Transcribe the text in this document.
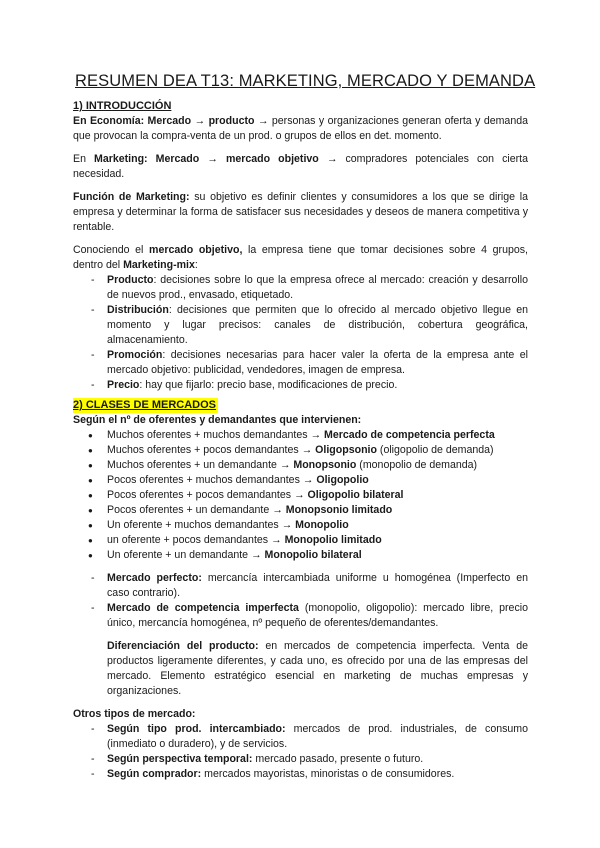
RESUMEN DEA T13: MARKETING, MERCADO Y DEMANDA
1) INTRODUCCIÓN

En Economía: Mercado → producto → personas y organizaciones generan oferta y demanda que provocan la compra-venta de un prod. o grupos de ellos en det. momento.

En Marketing: Mercado → mercado objetivo → compradores potenciales con cierta necesidad.

Función de Marketing: su objetivo es definir clientes y consumidores a los que se dirige la empresa y determinar la forma de satisfacer sus necesidades y deseos de manera competitiva y rentable.

Conociendo el mercado objetivo, la empresa tiene que tomar decisiones sobre 4 grupos, dentro del Marketing-mix:

- Producto: decisiones sobre lo que la empresa ofrece al mercado: creación y desarrollo de nuevos prod., envasado, etiquetado.
- Distribución: decisiones que permiten que lo ofrecido al mercado objetivo llegue en momento y lugar precisos: canales de distribución, cobertura geográfica, almacenamiento.
- Promoción: decisiones necesarias para hacer valer la oferta de la empresa ante el mercado objetivo: publicidad, vendedores, imagen de empresa.
- Precio: hay que fijarlo: precio base, modificaciones de precio.
2) CLASES DE MERCADOS
Según el nº de oferentes y demandantes que intervienen:
● Muchos oferentes + muchos demandantes → Mercado de competencia perfecta
● Muchos oferentes + pocos demandantes → Oligopsonio (oligopolio de demanda)
● Muchos oferentes + un demandante → Monopsonio (monopolio de demanda)
● Pocos oferentes + muchos demandantes → Oligopolio
● Pocos oferentes + pocos demandantes → Oligopolio bilateral
● Pocos oferentes + un demandante → Monopsonio limitado
● Un oferente + muchos demandantes → Monopolio
● un oferente + pocos demandantes → Monopolio limitado
● Un oferente + un demandante → Monopolio bilateral
- Mercado perfecto: mercancía intercambiada uniforme u homogénea (Imperfecto en caso contrario).
- Mercado de competencia imperfecta (monopolio, oligopolio): mercado libre, precio único, mercancía homogénea, nº pequeño de oferentes/demandantes.

Diferenciación del producto: en mercados de competencia imperfecta. Venta de productos ligeramente diferentes, y cada uno, es ofrecido por una de las empresas del mercado. Elemento estratégico esencial en marketing de muchas empresas y organizaciones.

Otros tipos de mercado:
- Según tipo prod. intercambiado: mercados de prod. industriales, de consumo (inmediato o duradero), y de servicios.
- Según perspectiva temporal: mercado pasado, presente o futuro.
- Según comprador: mercados mayoristas, minoristas o de consumidores.
